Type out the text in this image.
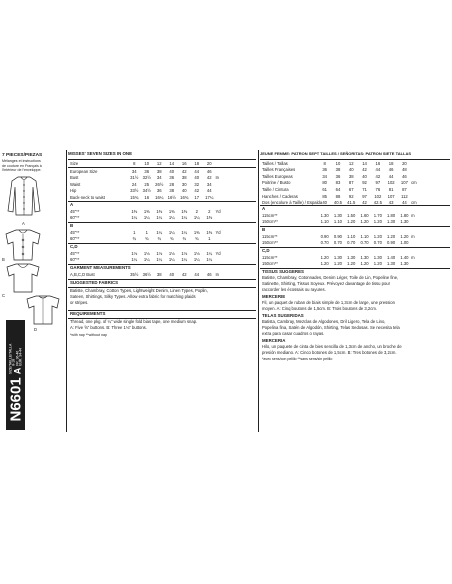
7 PIECES/PIEZAS
Mélanges et instructions
de couture en Français à
l'intérieur de l'enveloppe.
A
B
C
D
N6601
SIZE/TAILLE/TALLA A
8-18 FR. 36-46
EUR. 34-44
MISSES' SEVEN SIZES IN ONE
Size	8	10	12	14	16	18	20
European Size	34	36	38	40	42	44	46
Bust	31½	32½	34	36	38	40	42 In
Waist	24	25	26½	28	30	32	34
Hip	33½	34½	36	38	40	42	44
Back-neck to waist	15¾	16	16¼	16½	16¾	17	17¼
A
45"**	1⅜	1⅜	1⅜	1⅜	1⅜	2	2	Yd
60"**	1¼	1¼	1¼	1¼	1¼	1¼	1⅜
B
45"**	1	1	1¼	1¼	1¼	1⅜	1⅜ Yd
60"**	¾	¾	¾	¾	¾	¾	1
C,D
45"**	1⅛	1⅛	1⅛	1⅛	1⅛	1⅛	1¼ Yd
60"**	1¼	1¼	1¼	1¼	1¼	1¼	1¼
GARMENT MEASUREMENTS
A,B,C,D Bust	35½	36½	38	40	42	44	46 In
SUGGESTED FABRICS
Batiste, Chambray, Cotton Types, Lightweight Denim, Linen Types, Poplin,
Sateen, Shirtings, Silky Types. Allow extra fabric for matching plaids
or stripes.
REQUIREMENTS
Thread, one pkg. of ¼" wide single fold bias tape, one medium snap.
A: Five ⅝" buttons. B: Three 1⅛" buttons.
*with nap **without nap
JEUNE FEMME: PATRON SEPT TAILLES / SEÑORITAS: PATRON SIETE TALLAS
Tailles / Tallas	8	10	12	14	16	18	20
Tailles Françaises	36	38	40	42	44	46	48
Tailles Europeas	34	36	38	40	42	44	46
Poitrine / Busto	80	83	87	92	97	102	107 cm
Taille / Cintura	61	64	67	71	76	81	87
Hanches / Caderas	85	88	92	97	102	107	112
Dos (encolure à Taille) / Espalda 40	40.5	41.5	42	42.5	43	44	cm
A
115cm**	1.30	1.30	1.50	1.60	1.70	1.80	1.80 m
150cm**	1.10	1.10	1.20	1.20	1.20	1.30	1.30
B
115cm**	0.90	0.90	1.10	1.10	1.20	1.20	1.20 m
150cm**	0.70	0.70	0.70	0.70	0.70	0.90	1.00
C,D
115cm**	1.20	1.30	1.30	1.30	1.30	1.40	1.40 m
150cm**	1.20	1.20	1.20	1.20	1.20	1.30	1.30
TISSUS SUGGERES
Batiste, Chambray, Cotonnades, Denim Léger, Toile de Lin, Popeline fine,
Satinette, Shirting, Tissus Soyeux. Prévoyez davantage de tissu pour
raccorder les écossais ou rayures.
MERCERIE
Fil, un paquet de ruban de biais simple de 1,3cm de large, une pression
moyen. A: Cinq boutons de 1,5cm. B: Trois boutons de 3,2cm.
TELAS SUGERIDAS
Batista, Cambray, Mezclas de Algodones, Dril Ligero, Tela de Lino,
Popelina fina, Satén de Algodón, Shirting, Telas Sedosas. Se necesita tela
extra para casar cuadros o rayas.
MERCERIA
Hilo, un paquete de cinta de bies sencilla de 1,3cm de ancho, un broche de
presión mediano. A: Cinco botones de 1,5cm. B: Tres botones de 3,2cm.
*avec sens/con pelillo **sans sens/sin pelillo
